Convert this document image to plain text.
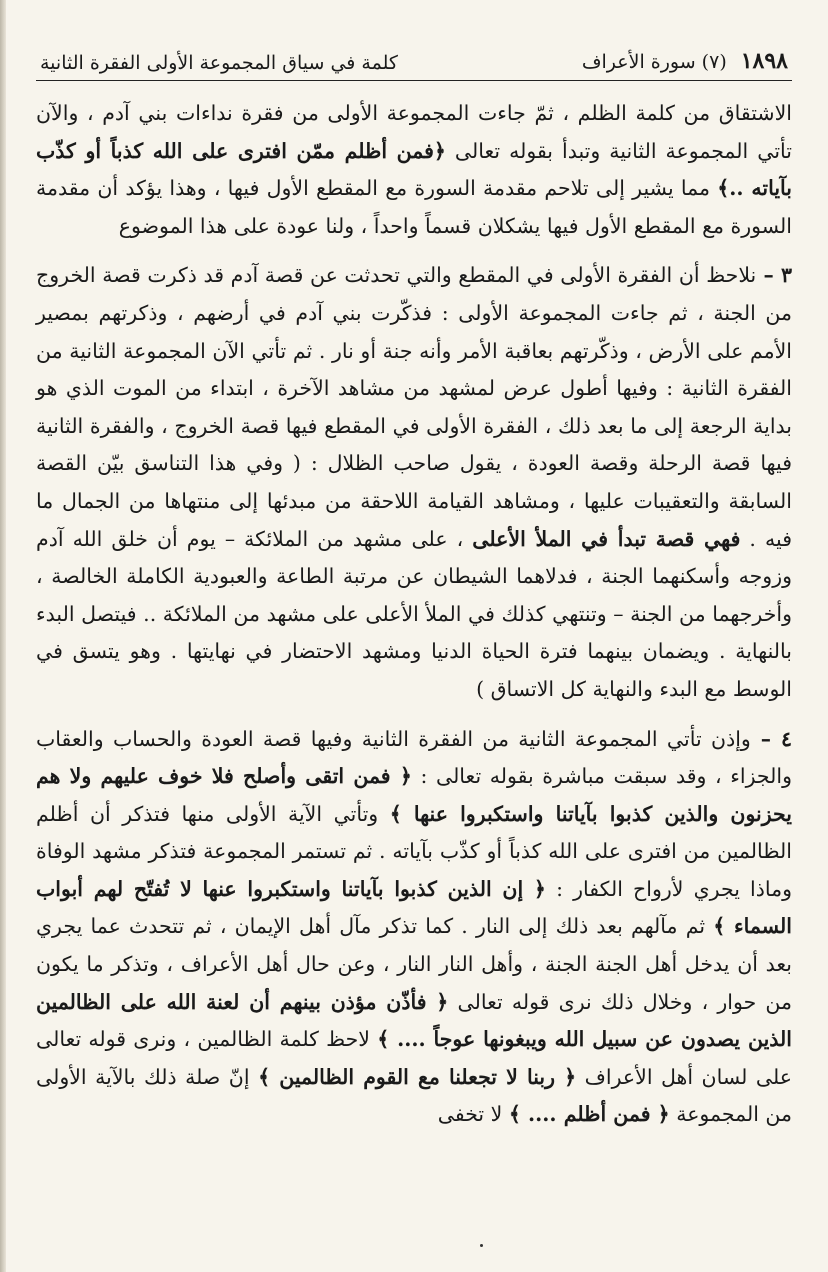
١٨٩٨(٧) سورة الأعراف
كلمة في سياق المجموعة الأولى الفقرة الثانية

الاشتقاق من كلمة الظلم ، ثمّ جاءت المجموعة الأولى من فقرة نداءات بني آدم ، والآن تأتي المجموعة الثانية وتبدأ بقوله تعالى ﴿فمن أظلم ممّن افترى على الله كذباً أو كذّب بآياته ..﴾ مما يشير إلى تلاحم مقدمة السورة مع المقطع الأول فيها ، وهذا يؤكد أن مقدمة السورة مع المقطع الأول فيها يشكلان قسماً واحداً ، ولنا عودة على هذا الموضوع

٣ – نلاحظ أن الفقرة الأولى في المقطع والتي تحدثت عن قصة آدم قد ذكرت قصة الخروج من الجنة ، ثم جاءت المجموعة الأولى : فذكّرت بني آدم في أرضهم ، وذكرتهم بمصير الأمم على الأرض ، وذكّرتهم بعاقبة الأمر وأنه جنة أو نار . ثم تأتي الآن المجموعة الثانية من الفقرة الثانية : وفيها أطول عرض لمشهد من مشاهد الآخرة ، ابتداء من الموت الذي هو بداية الرجعة إلى ما بعد ذلك ، الفقرة الأولى في المقطع فيها قصة الخروج ، والفقرة الثانية فيها قصة الرحلة وقصة العودة ، يقول صاحب الظلال : ( وفي هذا التناسق بيّن القصة السابقة والتعقيبات عليها ، ومشاهد القيامة اللاحقة من مبدئها إلى منتهاها من الجمال ما فيه . فهي قصة تبدأ في الملأ الأعلى ، على مشهد من الملائكة – يوم أن خلق الله آدم وزوجه وأسكنهما الجنة ، فدلاهما الشيطان عن مرتبة الطاعة والعبودية الكاملة الخالصة ، وأخرجهما من الجنة – وتنتهي كذلك في الملأ الأعلى على مشهد من الملائكة .. فيتصل البدء بالنهاية . ويضمان بينهما فترة الحياة الدنيا ومشهد الاحتضار في نهايتها . وهو يتسق في الوسط مع البدء والنهاية كل الاتساق )

٤ – وإذن تأتي المجموعة الثانية من الفقرة الثانية وفيها قصة العودة والحساب والعقاب والجزاء ، وقد سبقت مباشرة بقوله تعالى : ﴿ فمن اتقى وأصلح فلا خوف عليهم ولا هم يحزنون والذين كذبوا بآياتنا واستكبروا عنها ﴾ وتأتي الآية الأولى منها فتذكر أن أظلم الظالمين من افترى على الله كذباً أو كذّب بآياته . ثم تستمر المجموعة فتذكر مشهد الوفاة وماذا يجري لأرواح الكفار : ﴿ إن الذين كذبوا بآياتنا واستكبروا عنها لا تُفتّح لهم أبواب السماء ﴾ ثم مآلهم بعد ذلك إلى النار . كما تذكر مآل أهل الإيمان ، ثم تتحدث عما يجري بعد أن يدخل أهل الجنة الجنة ، وأهل النار النار ، وعن حال أهل الأعراف ، وتذكر ما يكون من حوار ، وخلال ذلك نرى قوله تعالى ﴿ فأذّن مؤذن بينهم أن لعنة الله على الظالمين الذين يصدون عن سبيل الله ويبغونها عوجاً .... ﴾ لاحظ كلمة الظالمين ، ونرى قوله تعالى على لسان أهل الأعراف ﴿ ربنا لا تجعلنا مع القوم الظالمين ﴾ إنّ صلة ذلك بالآية الأولى من المجموعة ﴿ فمن أظلم .... ﴾ لا تخفى
